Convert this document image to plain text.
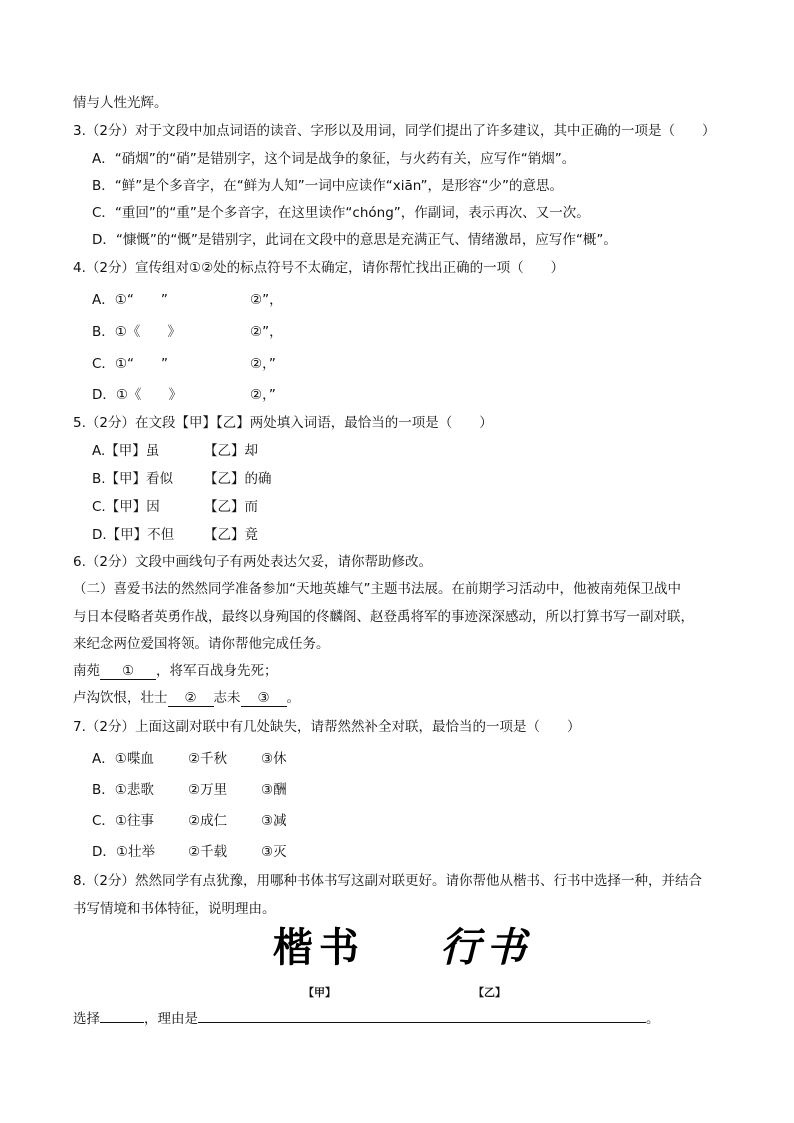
情与人性光辉。
3.（2分）对于文段中加点词语的读音、字形以及用词，同学们提出了许多建议，其中正确的一项是（　　）
A．“硝烟”的“硝”是错别字，这个词是战争的象征，与火药有关，应写作“销烟”。
B．“鲜”是个多音字，在“鲜为人知”一词中应读作“xiān”，是形容“少”的意思。
C．“重回”的“重”是个多音字，在这里读作“chóng”，作副词，表示再次、又一次。
D．“慷慨”的“慨”是错别字，此词在文段中的意思是充满正气、情绪激昂，应写作“概”。
4.（2分）宣传组对①②处的标点符号不太确定，请你帮忙找出正确的一项（　　）
A．①“　　”	②”，
B．①《　　》	②”，
C．①“　　”	②，”
D．①《　　》	②，”
5.（2分）在文段【甲】【乙】两处填入词语，最恰当的一项是（　　）
A.【甲】虽	【乙】却
B.【甲】看似 【乙】的确
C.【甲】因	【乙】而
D.【甲】不但 【乙】竟
6.（2分）文段中画线句子有两处表达欠妥，请你帮助修改。
（二）喜爱书法的然然同学准备参加“天地英雄气”主题书法展。在前期学习活动中，他被南苑保卫战中
与日本侵略者英勇作战，最终以身殉国的佟麟阁、赵登禹将军的事迹深深感动，所以打算书写一副对联，
来纪念两位爱国将领。请你帮他完成任务。
南苑 ① ，将军百战身先死；
卢沟饮恨，壮士 ② 志未 ③ 。
7.（2分）上面这副对联中有几处缺失，请帮然然补全对联，最恰当的一项是（　　）
A．①喋血	②千秋	③休
B．①悲歌	②万里	③酬
C．①往事	②成仁	③减
D．①壮举 ②千载	③灭
8.（2分）然然同学有点犹豫，用哪种书体书写这副对联更好。请你帮他从楷书、行书中选择一种，并结合
书写情境和书体特征，说明理由。
楷书 行书
【甲】	【乙】
选择	，理由是	。
